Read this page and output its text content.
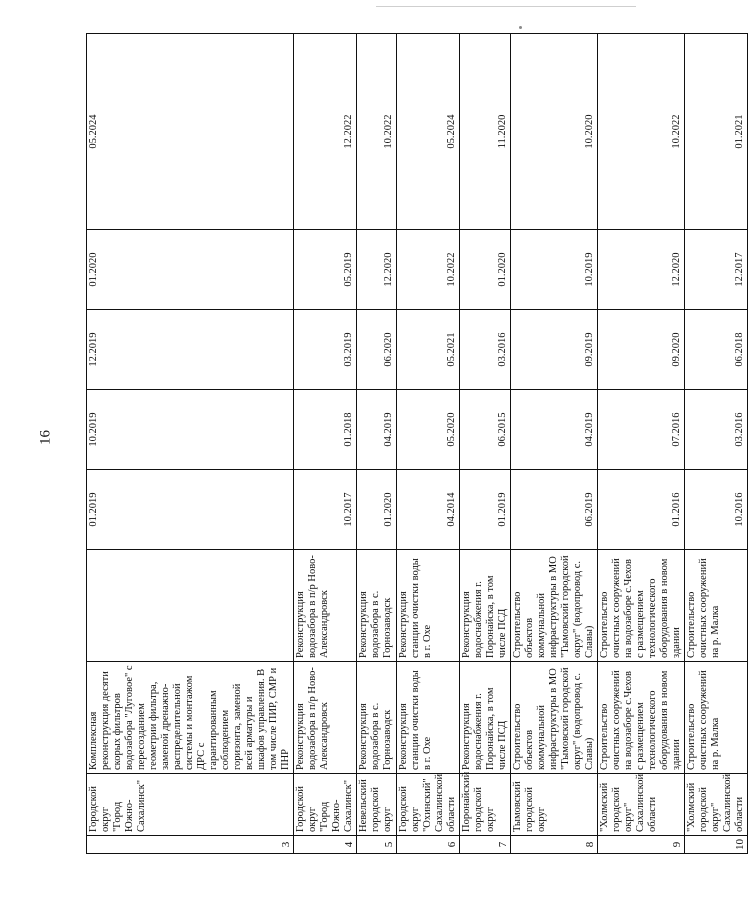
16
3	Городской округ "Город Южно-Сахалинск"	Комплексная реконструкция десяти скорых фильтров водозабора "Луговое" с пересозданием геометрии фильтра, заменой дренажно-распределительной системы и монтажом ДРС с гарантированным соблюдением горизонта, заменой всей арматуры и шкафов управления. В том числе ПИР, СМР и ПНР		01.2019	10.2019	12.2019	01.2020	05.2024

4	Городской округ "Город Южно-Сахалинск"	Реконструкция водозабора в п/р Ново-Александровск	Реконструкция водозабора в п/р Ново-Александровск	10.2017	01.2018	03.2019	05.2019	12.2022

5	Невельский городской округ	Реконструкция водозабора в с. Горнозаводск	Реконструкция водозабора в с. Горнозаводск	01.2020	04.2019	06.2020	12.2020	10.2022

6	Городской округ "Охинский" Сахалинской области	Реконструкция станции очистки воды в г. Охе	Реконструкция станции очистки воды в г. Охе	04.2014	05.2020	05.2021	10.2022	05.2024

7	Поронайский городской округ	Реконструкция водоснабжения г. Поронайска, в том числе ПСД	Реконструкция водоснабжения г. Поронайска, в том числе ПСД	01.2019	06.2015	03.2016	01.2020	11.2020

8	Тымовский городской округ	Строительство объектов коммунальной инфраструктуры в МО "Тымовский городской округ" (водопровод с. Славы)	Строительство объектов коммунальной инфраструктуры в МО "Тымовский городской округ" (водопровод с. Славы)	06.2019	04.2019	09.2019	10.2019	10.2020

9	"Холмский городской округ" Сахалинской области	Строительство очистных сооружений на водозаборе с.Чехов с размещением технологического оборудования в новом здании	Строительство очистных сооружений на водозаборе с.Чехов с размещением технологического оборудования в новом здании	01.2016	07.2016	09.2020	12.2020	10.2022

10	"Холмский городской округ" Сахалинской области	Строительство очистных сооружений на р. Малка	Строительство очистных сооружений на р. Малка	10.2016	03.2016	06.2018	12.2017	01.2021
